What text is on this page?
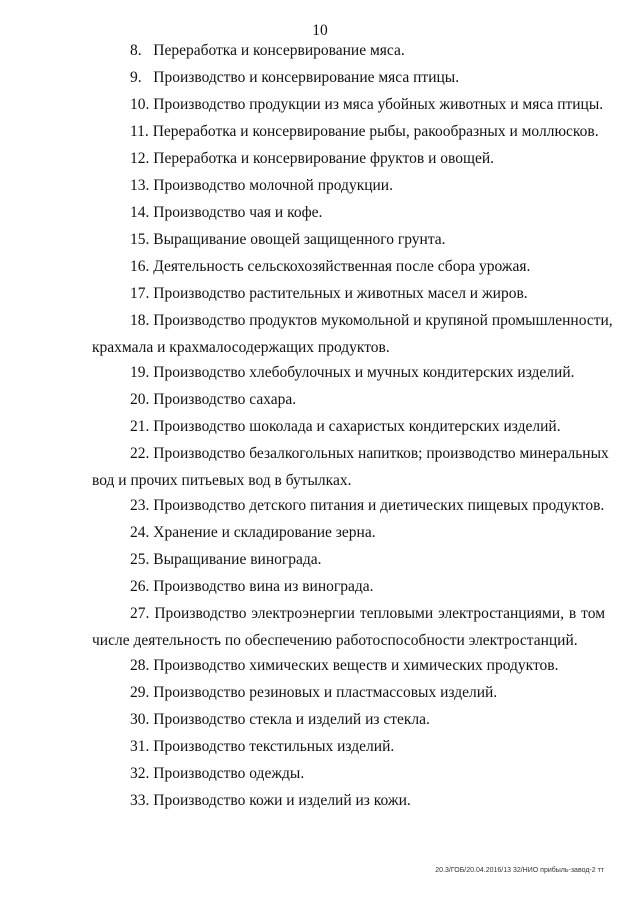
10
8. Переработка и консервирование мяса.
9. Производство и консервирование мяса птицы.
10. Производство продукции из мяса убойных животных и мяса птицы.
11. Переработка и консервирование рыбы, ракообразных и моллюсков.
12. Переработка и консервирование фруктов и овощей.
13. Производство молочной продукции.
14. Производство чая и кофе.
15. Выращивание овощей защищенного грунта.
16. Деятельность сельскохозяйственная после сбора урожая.
17. Производство растительных и животных масел и жиров.
18. Производство продуктов мукомольной и крупяной промышленности,
крахмала и крахмалосодержащих продуктов.
19. Производство хлебобулочных и мучных кондитерских изделий.
20. Производство сахара.
21. Производство шоколада и сахаристых кондитерских изделий.
22. Производство безалкогольных напитков; производство минеральных
вод и прочих питьевых вод в бутылках.
23. Производство детского питания и диетических пищевых продуктов.
24. Хранение и складирование зерна.
25. Выращивание винограда.
26. Производство вина из винограда.
27. Производство электроэнергии тепловыми электростанциями, в том
числе деятельность по обеспечению работоспособности электростанций.
28. Производство химических веществ и химических продуктов.
29. Производство резиновых и пластмассовых изделий.
30. Производство стекла и изделий из стекла.
31. Производство текстильных изделий.
32. Производство одежды.
33. Производство кожи и изделий из кожи.
20.3/ГОБ/20.04.2016/13 32/НИО прибыль-завод-2 тт
